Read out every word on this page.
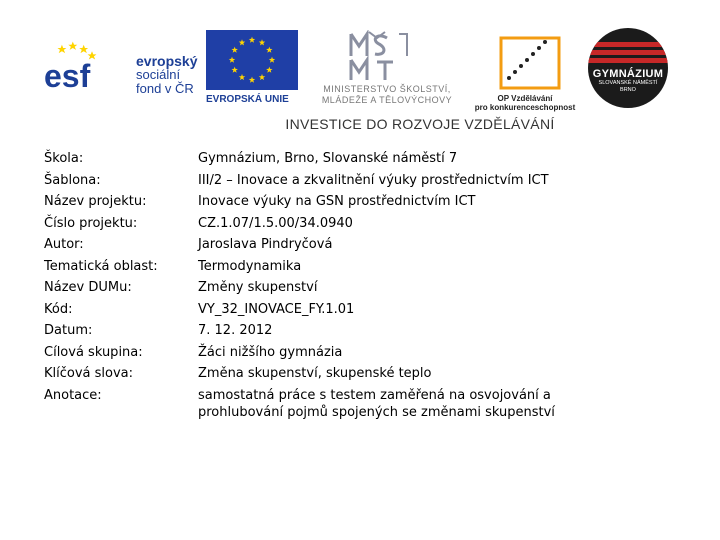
esf	evropský
sociální
fond v ČR
EVROPSKÁ UNIE
MINISTERSTVO ŠKOLSTVÍ,
MLÁDEŽE A TĚLOVÝCHOVY	OP Vzdělávání
pro konkurenceschopnost
GYMNÁZIUM
SLOVANSKÉ NÁMĚSTÍ
BRNO
INVESTICE DO ROZVOJE VZDĚLÁVÁNÍ
Škola:	Gymnázium, Brno, Slovanské náměstí 7
Šablona:	III/2 – Inovace a zkvalitnění výuky prostřednictvím ICT
Název projektu:	Inovace výuky na GSN prostřednictvím ICT
Číslo projektu:	CZ.1.07/1.5.00/34.0940
Autor:	Jaroslava Pindryčová
Tematická oblast:	Termodynamika
Název DUMu:	Změny skupenství
Kód:	VY_32_INOVACE_FY.1.01
Datum:	7. 12. 2012
Cílová skupina:	Žáci nižšího gymnázia
Klíčová slova:	Změna skupenství, skupenské teplo
Anotace:	samostatná práce s testem zaměřená na osvojování a prohlubování pojmů spojených se změnami skupenství
